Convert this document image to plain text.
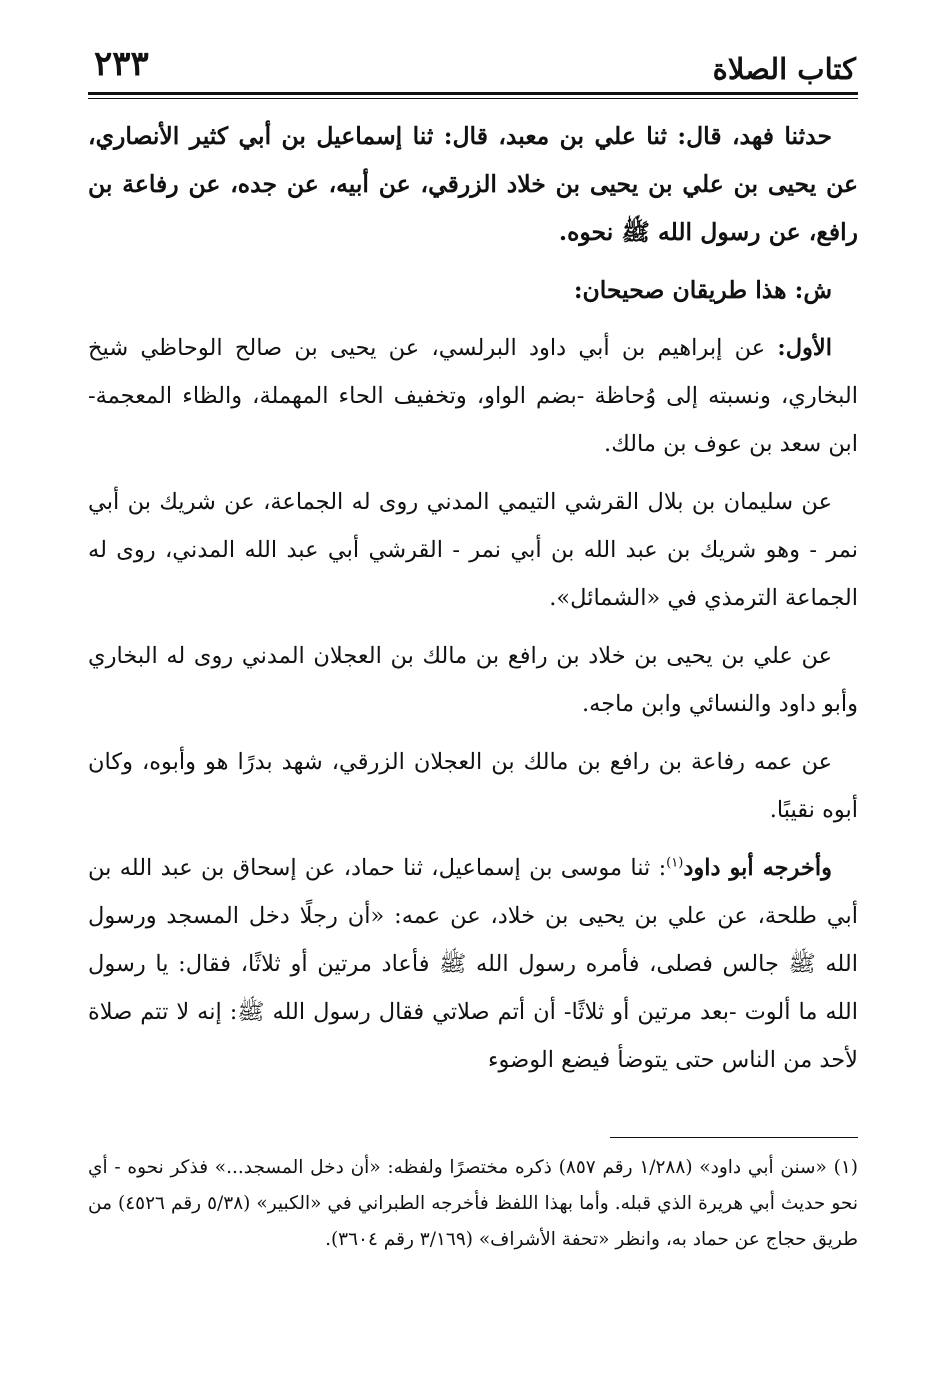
٢٣٣	كتاب الصلاة

حدثنا فهد، قال: ثنا علي بن معبد، قال: ثنا إسماعيل بن أبي كثير الأنصاري، عن يحيى بن علي بن يحيى بن خلاد الزرقي، عن أبيه، عن جده، عن رفاعة بن رافع، عن رسول الله ﷺ نحوه.

ش: هذا طريقان صحيحان:

الأول: عن إبراهيم بن أبي داود البرلسي، عن يحيى بن صالح الوحاظي شيخ البخاري، ونسبته إلى وُحاظة -بضم الواو، وتخفيف الحاء المهملة، والظاء المعجمة- ابن سعد بن عوف بن مالك.

عن سليمان بن بلال القرشي التيمي المدني روى له الجماعة، عن شريك بن أبي نمر - وهو شريك بن عبد الله بن أبي نمر - القرشي أبي عبد الله المدني، روى له الجماعة الترمذي في «الشمائل».

عن علي بن يحيى بن خلاد بن رافع بن مالك بن العجلان المدني روى له البخاري وأبو داود والنسائي وابن ماجه.

عن عمه رفاعة بن رافع بن مالك بن العجلان الزرقي، شهد بدرًا هو وأبوه، وكان أبوه نقيبًا.

وأخرجه أبو داود$^{(١)}$: ثنا موسى بن إسماعيل، ثنا حماد، عن إسحاق بن عبد الله بن أبي طلحة، عن علي بن يحيى بن خلاد، عن عمه: «أن رجلًا دخل المسجد ورسول الله ﷺ جالس فصلى، فأمره رسول الله ﷺ فأعاد مرتين أو ثلاثًا، فقال: يا رسول الله ما ألوت -بعد مرتين أو ثلاثًا- أن أتم صلاتي فقال رسول الله ﷺ: إنه لا تتم صلاة لأحد من الناس حتى يتوضأ فيضع الوضوء

(١) «سنن أبي داود» (١/٢٨٨ رقم ٨٥٧) ذكره مختصرًا ولفظه: «أن دخل المسجد...» فذكر نحوه - أي نحو حديث أبي هريرة الذي قبله. وأما بهذا اللفظ فأخرجه الطبراني في «الكبير» (٥/٣٨ رقم ٤٥٢٦) من طريق حجاج عن حماد به، وانظر «تحفة الأشراف» (٣/١٦٩ رقم ٣٦٠٤).
